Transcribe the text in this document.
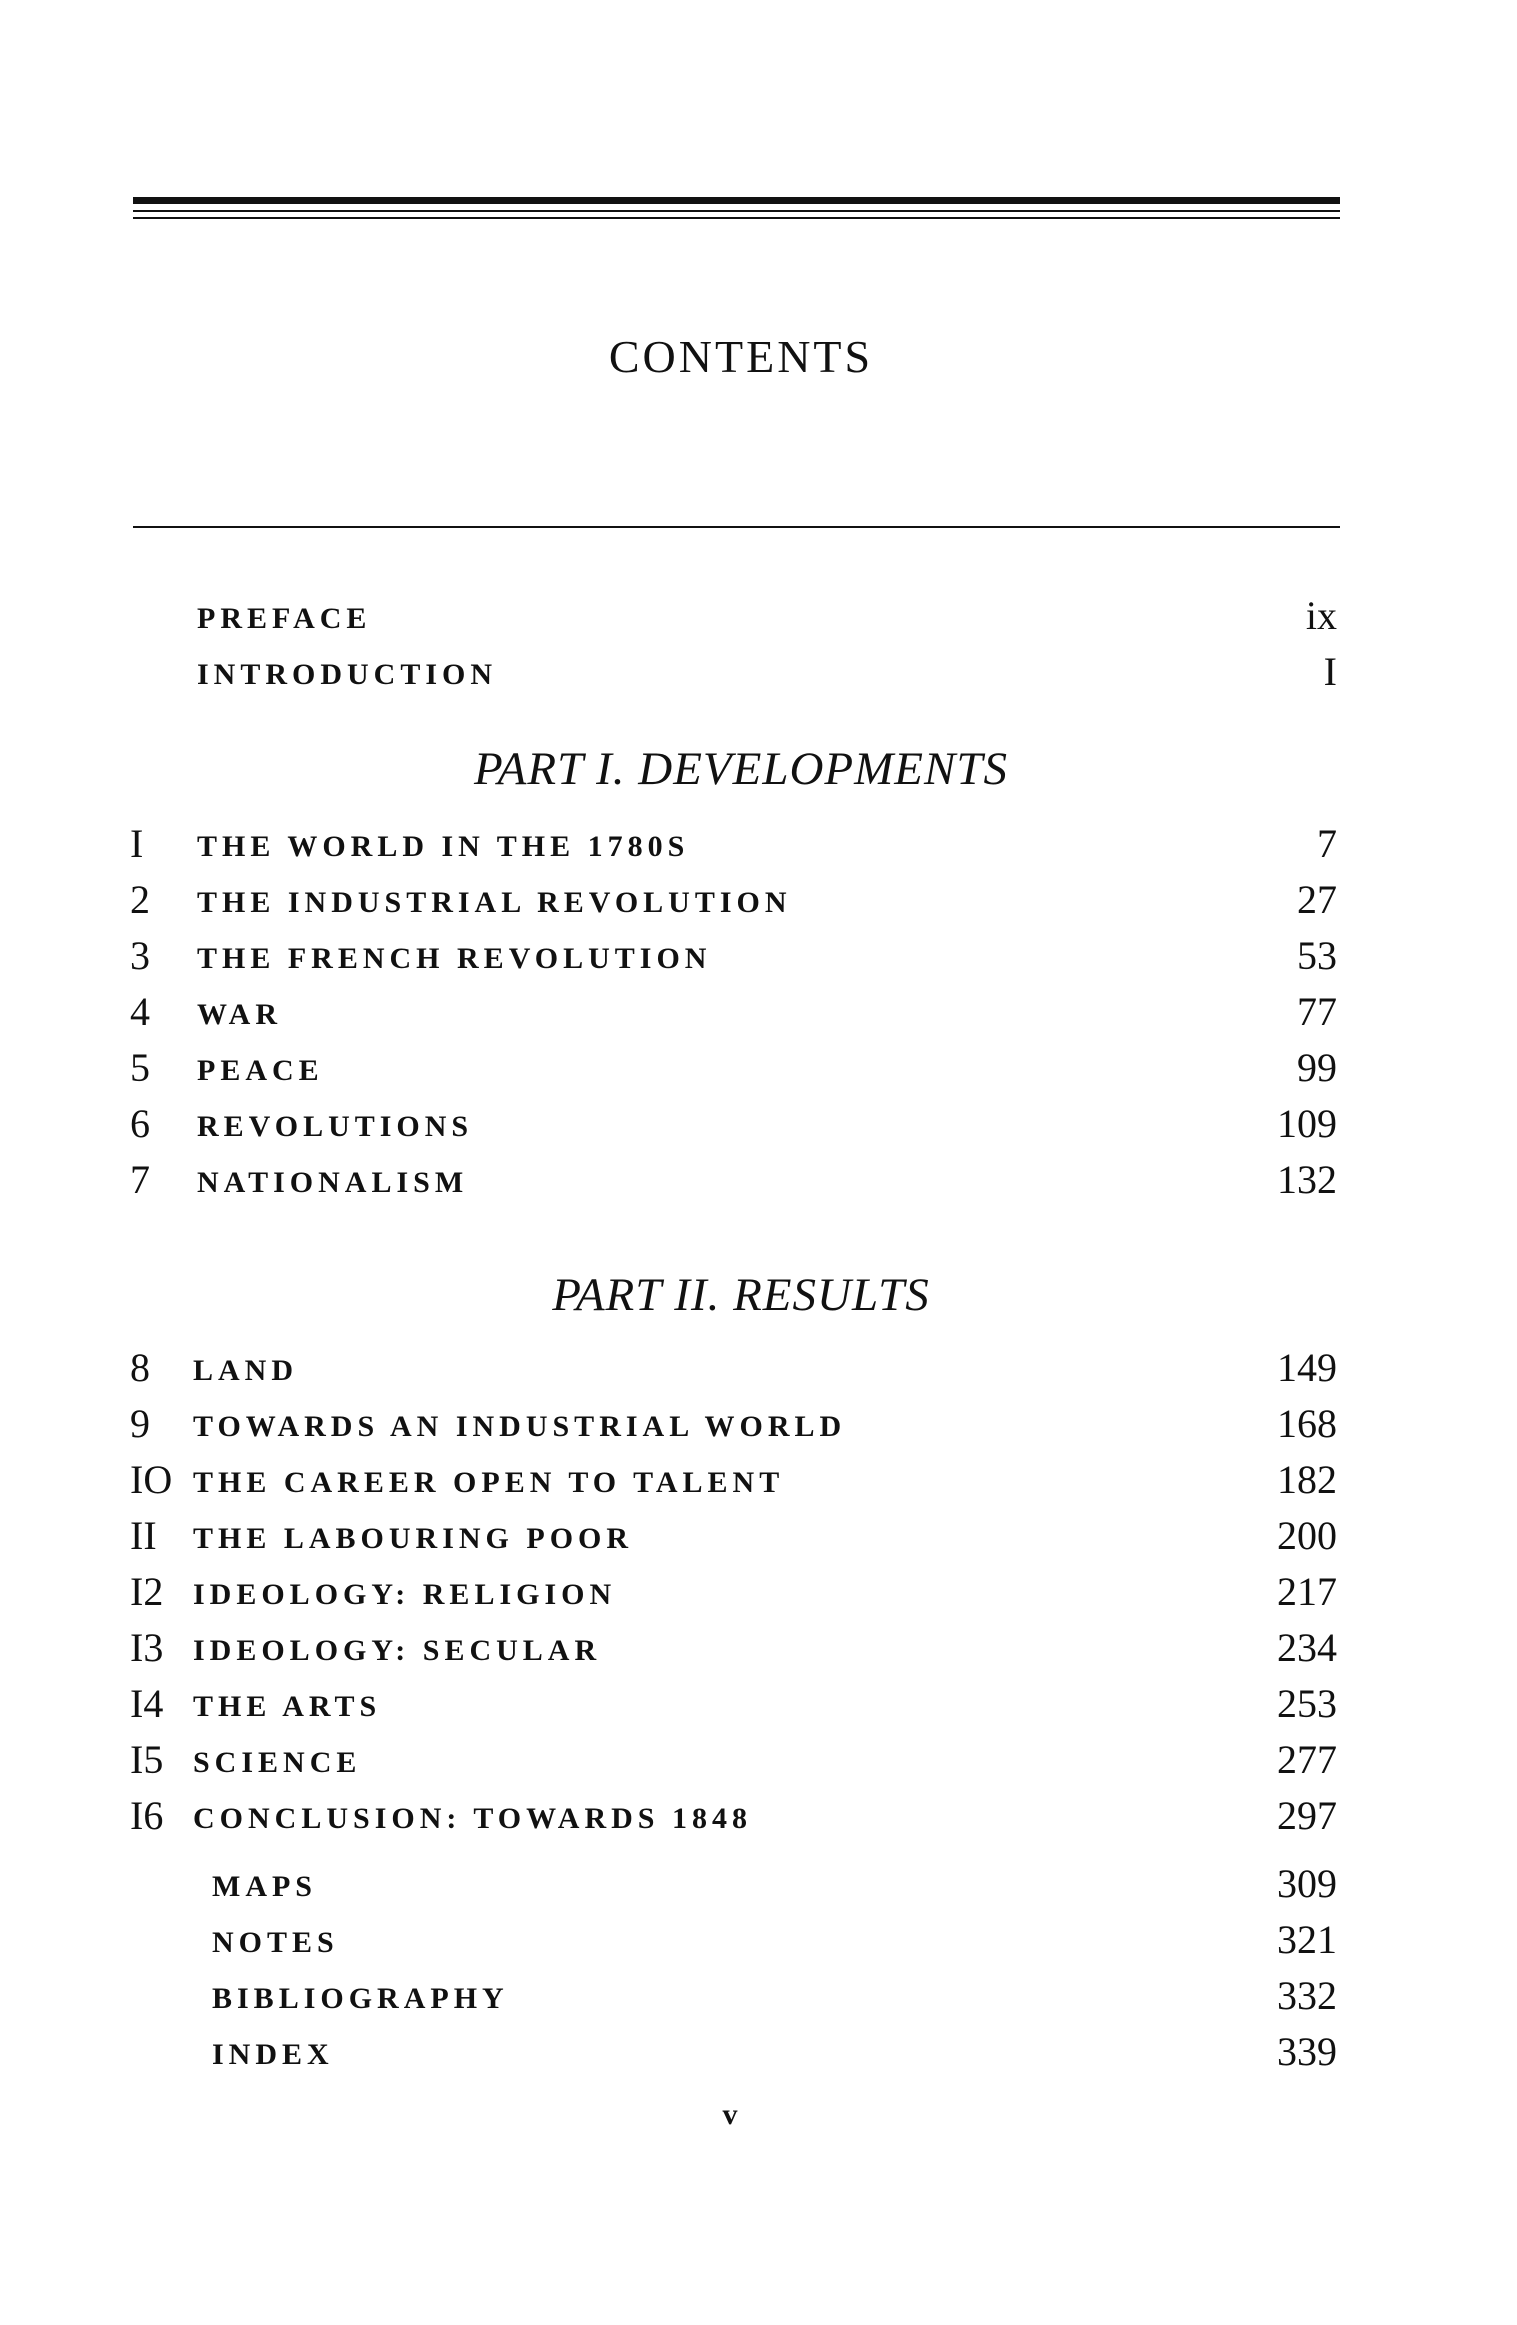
CONTENTS
PREFACE	ix
INTRODUCTION	I
PART I. DEVELOPMENTS
I THE WORLD IN THE 1780S	7
2 THE INDUSTRIAL REVOLUTION	27
3 THE FRENCH REVOLUTION	53
4 WAR	77
5 PEACE	99
6 REVOLUTIONS	109
7 NATIONALISM	132
PART II. RESULTS
8 LAND	149
9 TOWARDS AN INDUSTRIAL WORLD	168
IO THE CAREER OPEN TO TALENT	182
II THE LABOURING POOR	200
I2 IDEOLOGY: RELIGION	217
I3 IDEOLOGY: SECULAR	234
I4 THE ARTS	253
I5 SCIENCE	277
I6 CONCLUSION: TOWARDS 1848	297
MAPS	309
NOTES	321
BIBLIOGRAPHY	332
INDEX	339
v
